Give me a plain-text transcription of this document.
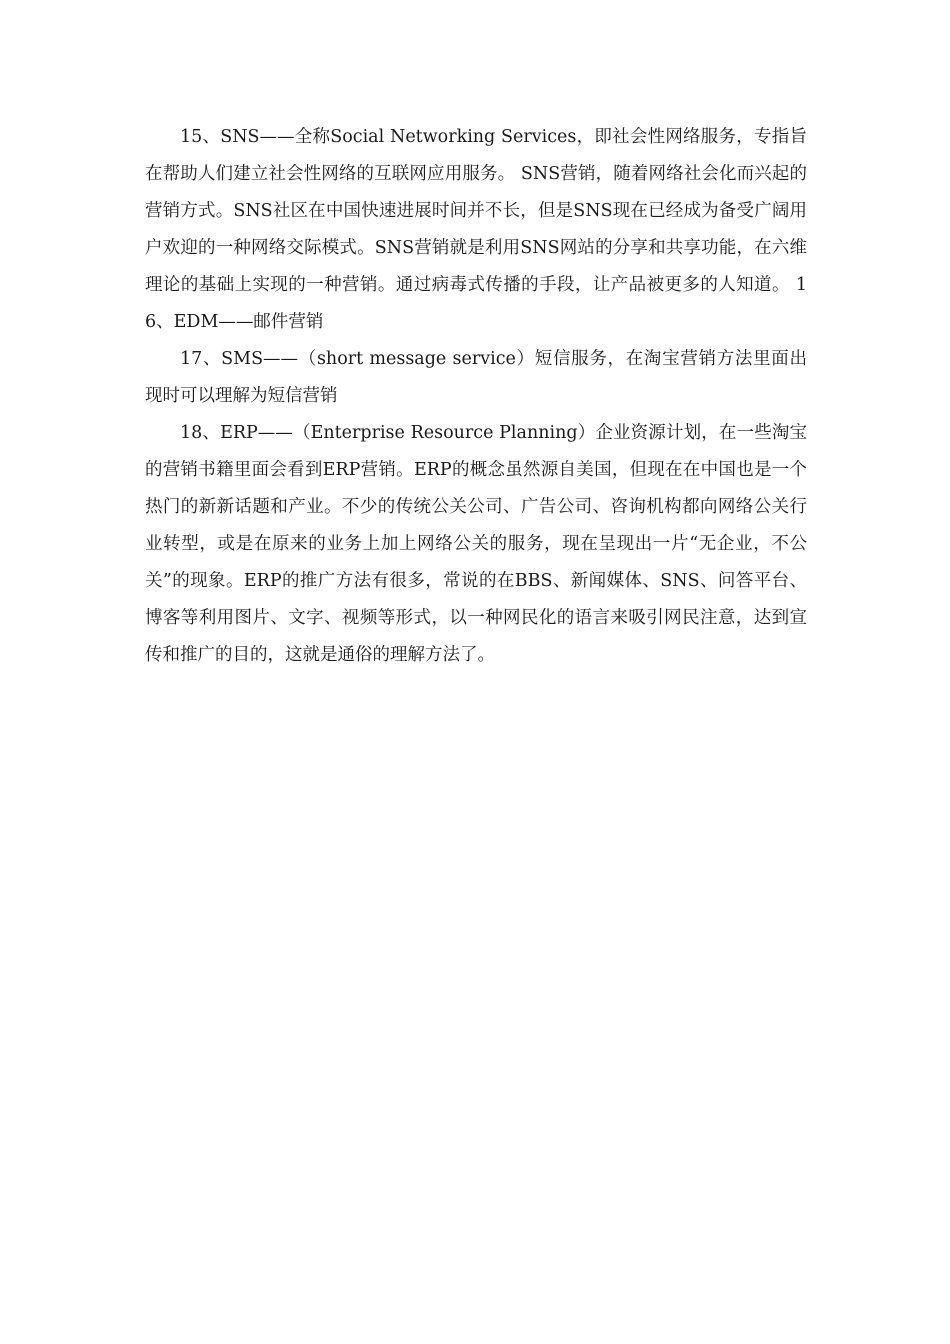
15、SNS——全称Social Networking Services，即社会性网络服务，专指旨在帮助人们建立社会性网络的互联网应用服务。 SNS营销，随着网络社会化而兴起的营销方式。SNS社区在中国快速进展时间并不长，但是SNS现在已经成为备受广阔用户欢迎的一种网络交际模式。SNS营销就是利用SNS网站的分享和共享功能，在六维理论的基础上实现的一种营销。通过病毒式传播的手段，让产品被更多的人知道。 16、EDM——邮件营销

17、SMS——（short message service）短信服务，在淘宝营销方法里面出现时可以理解为短信营销

18、ERP——（Enterprise Resource Planning）企业资源计划，在一些淘宝的营销书籍里面会看到ERP营销。ERP的概念虽然源自美国，但现在在中国也是一个热门的新新话题和产业。不少的传统公关公司、广告公司、咨询机构都向网络公关行业转型，或是在原来的业务上加上网络公关的服务，现在呈现出一片“无企业，不公关”的现象。ERP的推广方法有很多，常说的在BBS、新闻媒体、SNS、问答平台、博客等利用图片、文字、视频等形式，以一种网民化的语言来吸引网民注意，达到宣传和推广的目的，这就是通俗的理解方法了。
